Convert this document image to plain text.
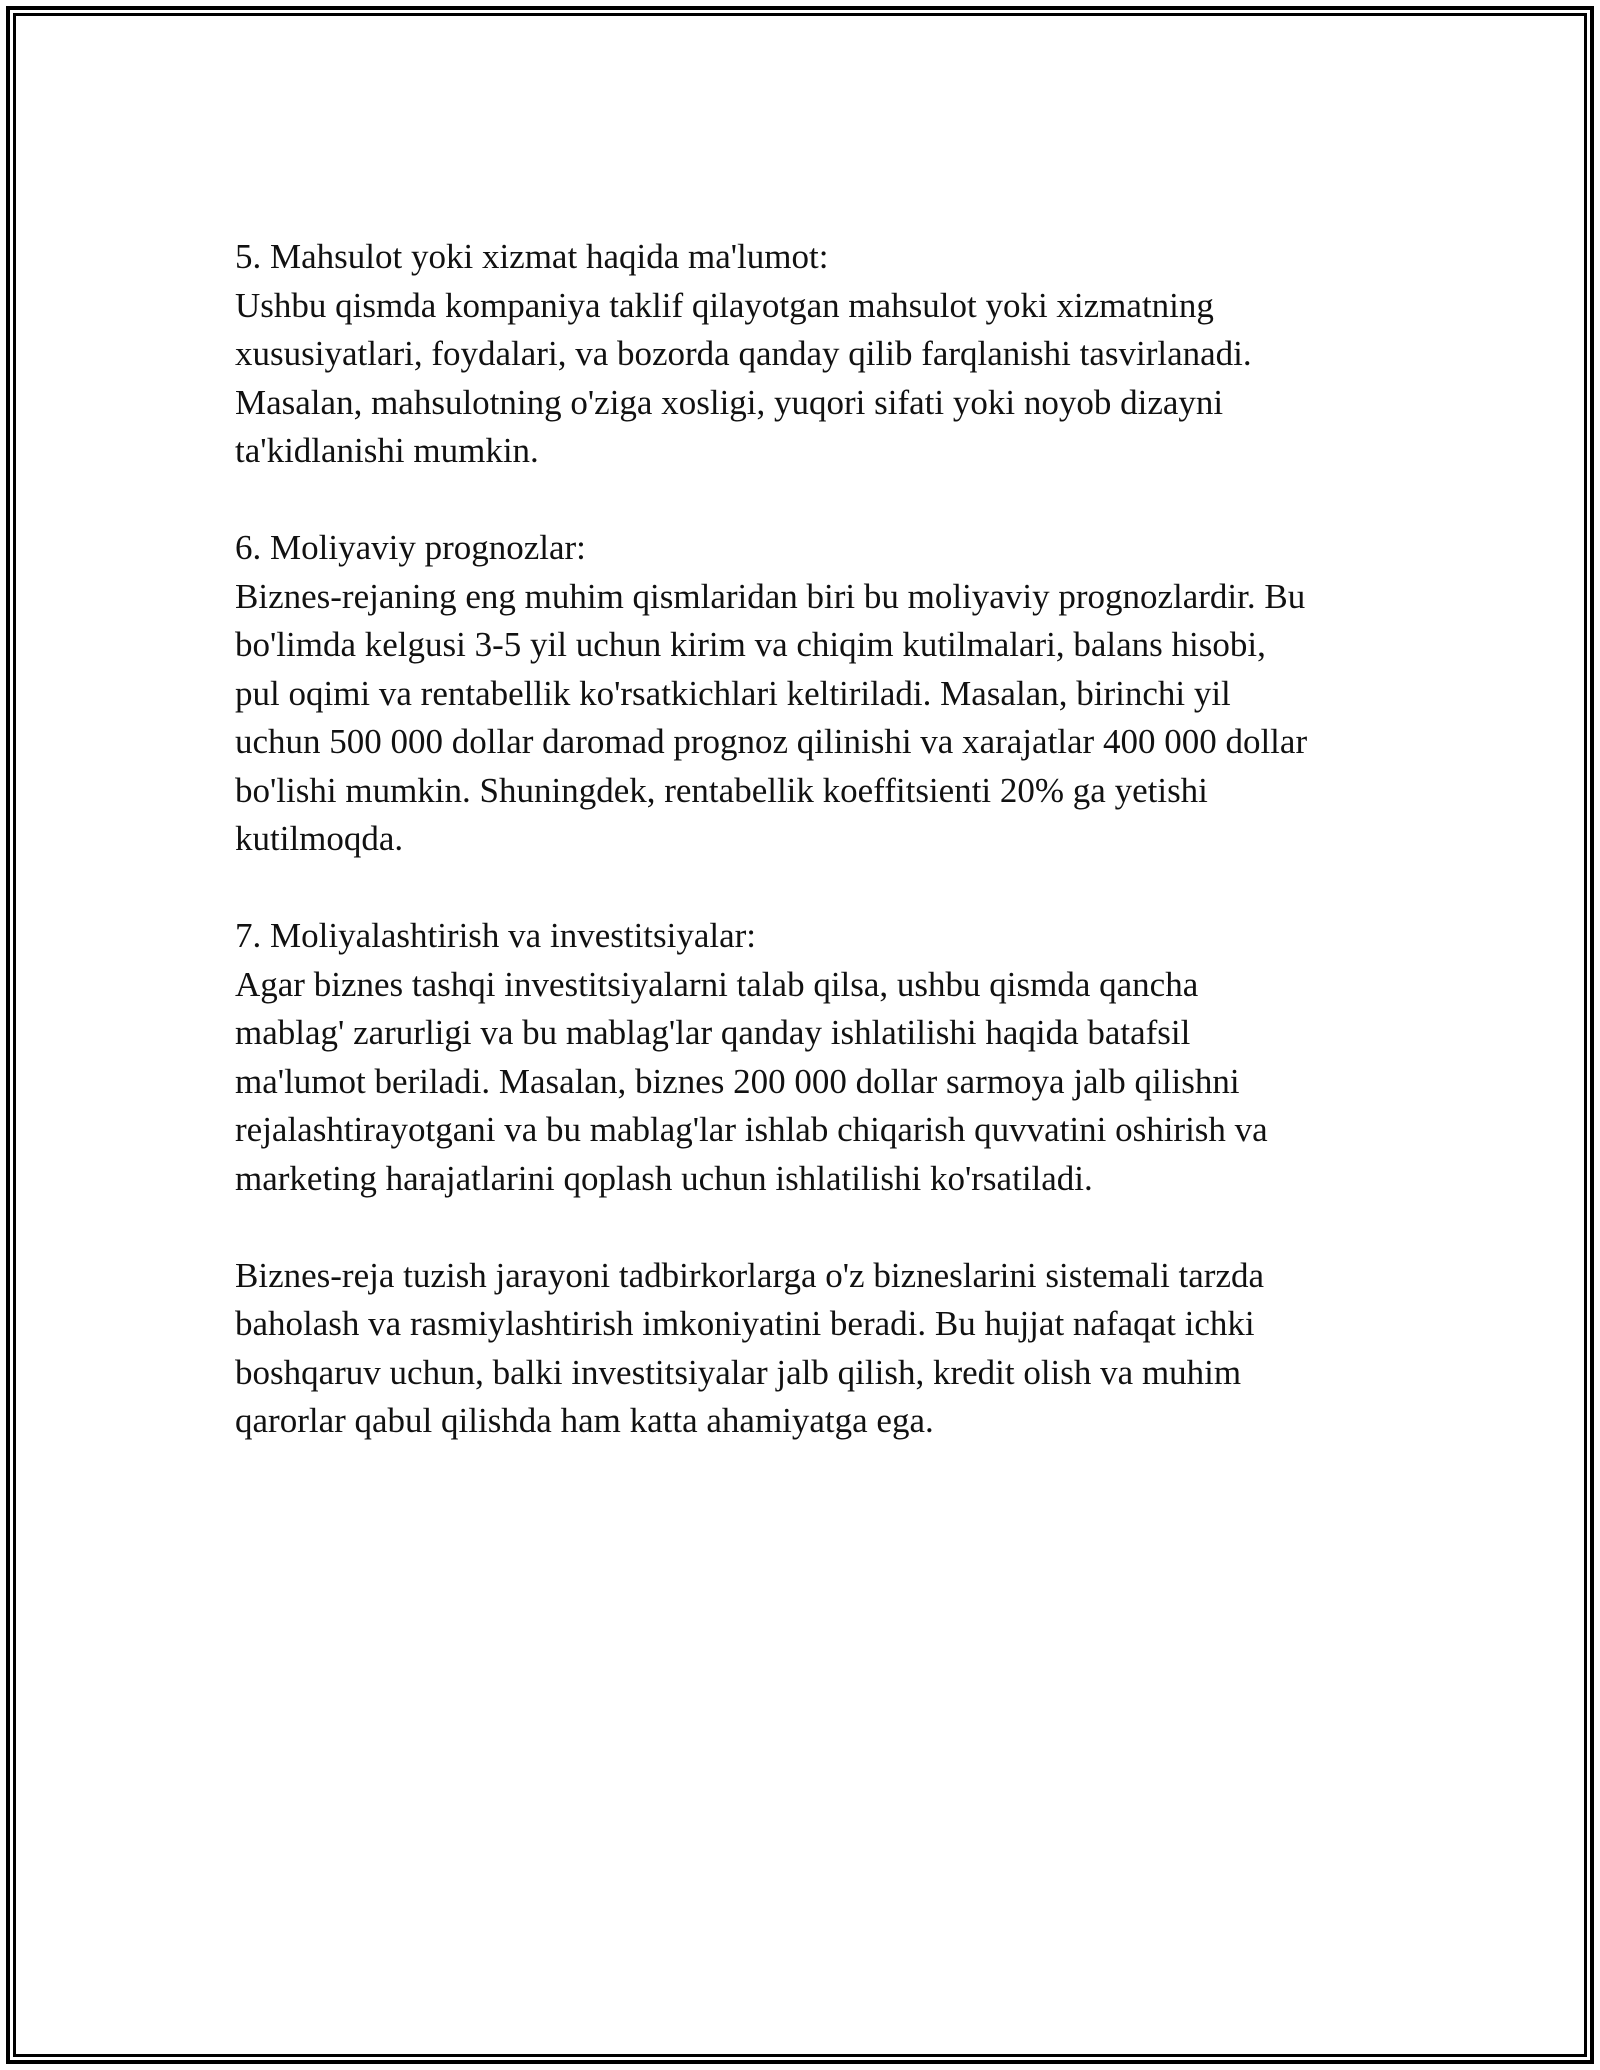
5. Mahsulot yoki xizmat haqida ma'lumot:
Ushbu qismda kompaniya taklif qilayotgan mahsulot yoki xizmatning
xususiyatlari, foydalari, va bozorda qanday qilib farqlanishi tasvirlanadi.
Masalan, mahsulotning o'ziga xosligi, yuqori sifati yoki noyob dizayni
ta'kidlanishi mumkin.
6. Moliyaviy prognozlar:
Biznes-rejaning eng muhim qismlaridan biri bu moliyaviy prognozlardir. Bu
bo'limda kelgusi 3-5 yil uchun kirim va chiqim kutilmalari, balans hisobi,
pul oqimi va rentabellik ko'rsatkichlari keltiriladi. Masalan, birinchi yil
uchun 500 000 dollar daromad prognoz qilinishi va xarajatlar 400 000 dollar
bo'lishi mumkin. Shuningdek, rentabellik koeffitsienti 20% ga yetishi
kutilmoqda.
7. Moliyalashtirish va investitsiyalar:
Agar biznes tashqi investitsiyalarni talab qilsa, ushbu qismda qancha
mablag' zarurligi va bu mablag'lar qanday ishlatilishi haqida batafsil
ma'lumot beriladi. Masalan, biznes 200 000 dollar sarmoya jalb qilishni
rejalashtirayotgani va bu mablag'lar ishlab chiqarish quvvatini oshirish va
marketing harajatlarini qoplash uchun ishlatilishi ko'rsatiladi.
Biznes-reja tuzish jarayoni tadbirkorlarga o'z bizneslarini sistemali tarzda
baholash va rasmiylashtirish imkoniyatini beradi. Bu hujjat nafaqat ichki
boshqaruv uchun, balki investitsiyalar jalb qilish, kredit olish va muhim
qarorlar qabul qilishda ham katta ahamiyatga ega.
